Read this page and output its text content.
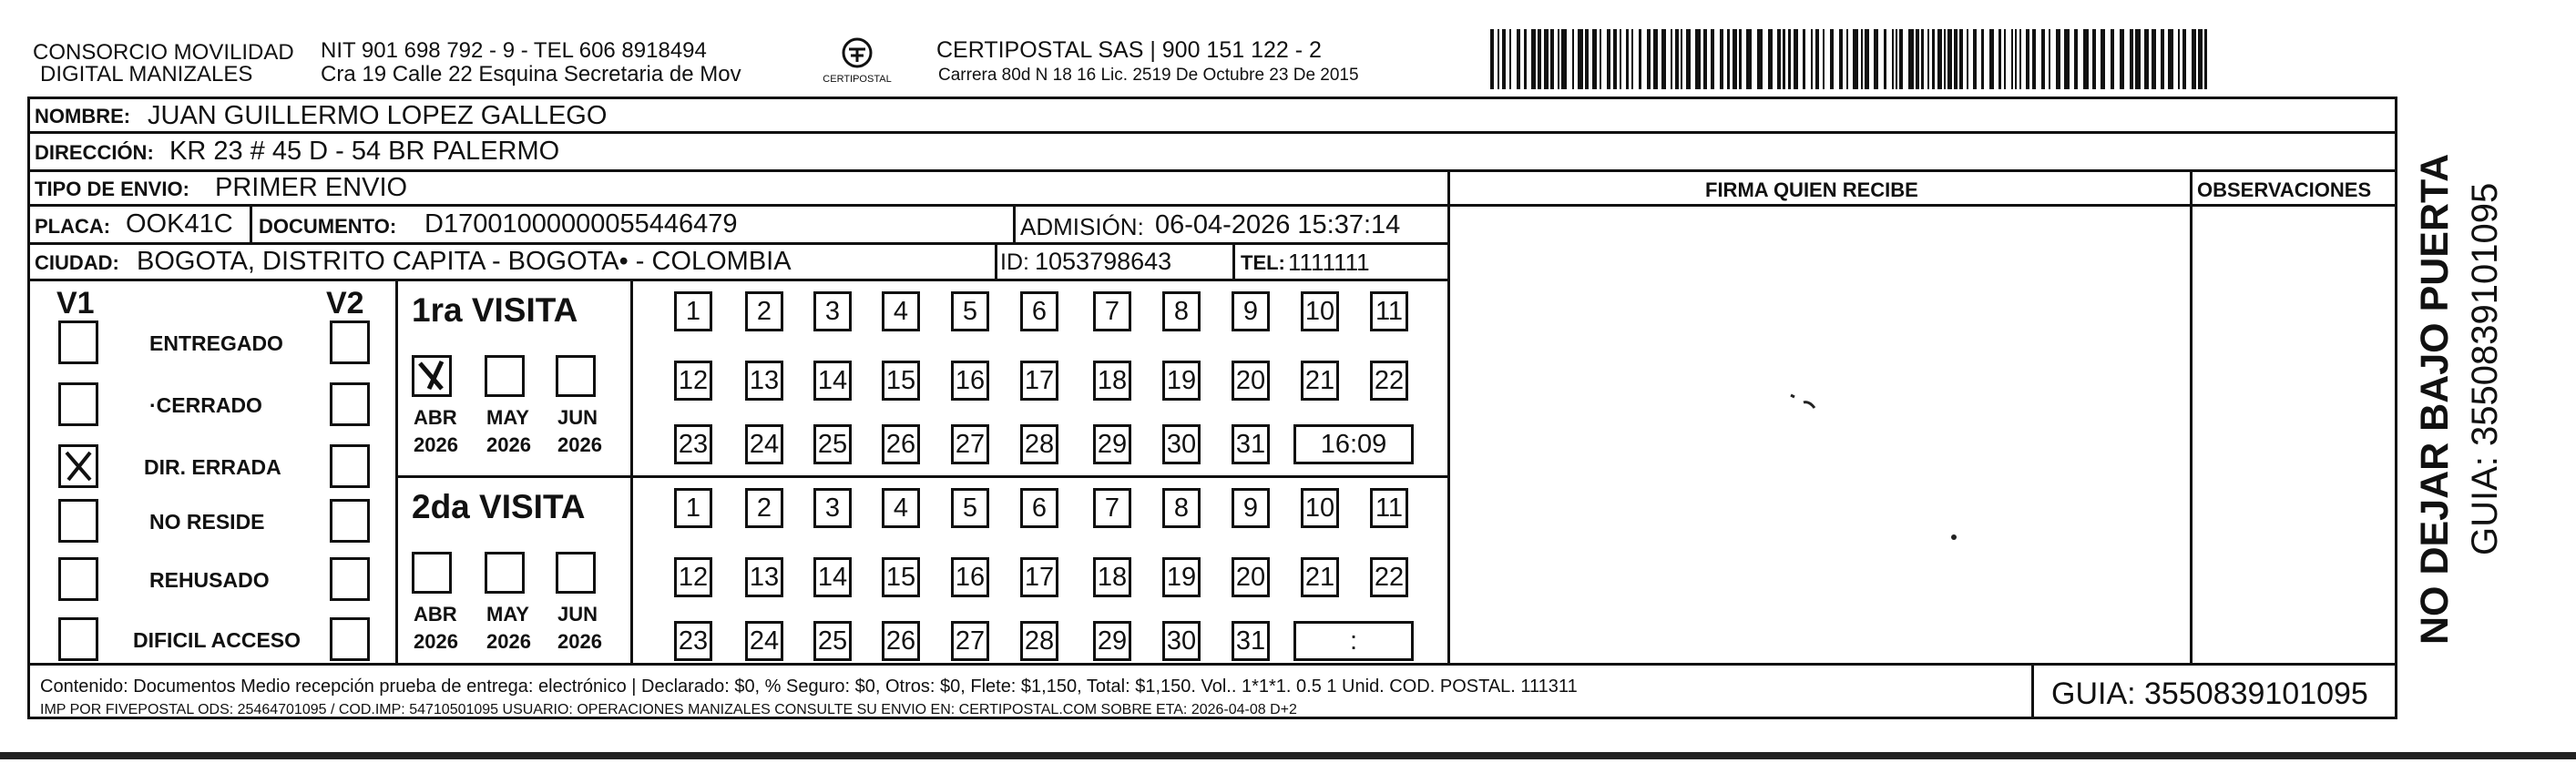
CONSORCIO MOVILIDAD
DIGITAL MANIZALES
NIT 901 698 792 - 9 - TEL 606 8918494
Cra 19 Calle 22 Esquina Secretaria de Mov	CERTIPOSTAL
CERTIPOSTAL SAS | 900 151 122 - 2
Carrera 80d N 18 16 Lic. 2519 De Octubre 23 De 2015
NOMBRE: JUAN GUILLERMO LOPEZ GALLEGO
DIRECCIÓN: KR 23 # 45 D - 54 BR PALERMO
TIPO DE ENVIO: PRIMER ENVIO	FIRMA QUIEN RECIBE	OBSERVACIONES
PLACA: OOK41C DOCUMENTO: D17001000000055446479	ADMISIÓN: 06-04-2026 15:37:14
CIUDAD: BOGOTA, DISTRITO CAPITA - BOGOTA• - COLOMBIA	ID: 1053798643	TEL: 1111111
V1	V2
ENTREGADO
·CERRADO
DIR. ERRADA
NO RESIDE
REHUSADO
DIFICIL ACCESO
1ra VISITA
ABR
2026
MAY
2026
JUN
2026
1	2	3	4	5	6	7	8	9	10 11
12 13 14 15 16 17 18 19 20 21 22
23 24 25 26 27 28 29 30 31	16:09
2da VISITA
ABR
2026
MAY
2026
JUN
2026
1	2	3	4	5	6	7	8	9	10 11
12 13 14 15 16 17 18 19 20 21 22
23 24 25 26 27 28 29 30 31	:
Contenido: Documentos Medio recepción prueba de entrega: electrónico | Declarado: $0, % Seguro: $0, Otros: $0, Flete: $1,150, Total: $1,150. Vol.. 1*1*1. 0.5 1 Unid. COD. POSTAL. 111311
IMP POR FIVEPOSTAL ODS: 25464701095 / COD.IMP: 54710501095 USUARIO: OPERACIONES MANIZALES CONSULTE SU ENVIO EN: CERTIPOSTAL.COM SOBRE ETA: 2026-04-08 D+2	GUIA: 3550839101095
NO DEJAR BAJO PUERTA GUIA: 3550839101095
